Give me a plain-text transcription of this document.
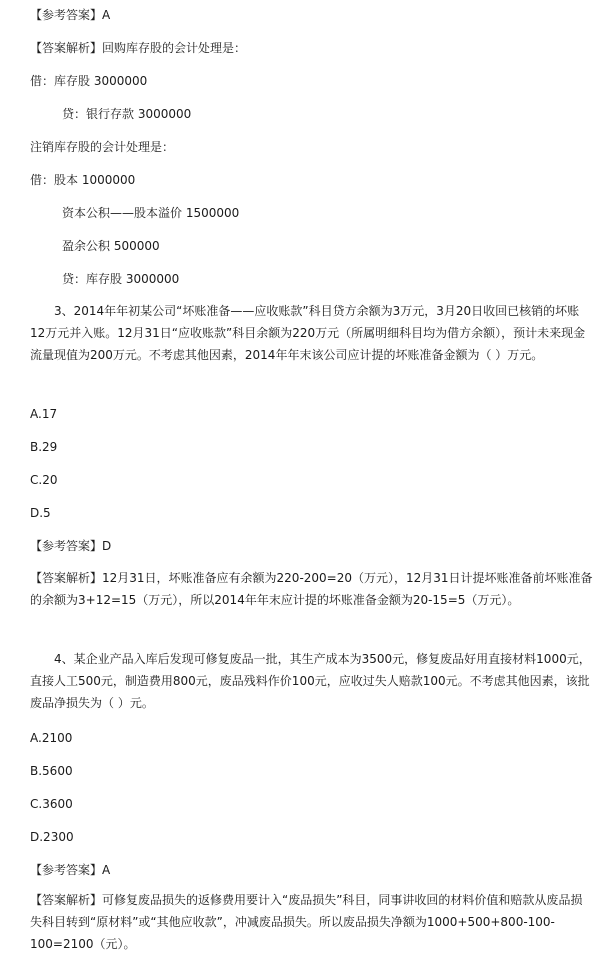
【参考答案】A
【答案解析】回购库存股的会计处理是：
借：库存股 3000000
贷：银行存款 3000000
注销库存股的会计处理是：
借：股本 1000000
资本公积——股本溢价 1500000
盈余公积 500000
贷：库存股 3000000
3、2014年年初某公司“坏账准备——应收账款”科目贷方余额为3万元，3月20日收回已核销的坏账12万元并入账。12月31日“应收账款”科目余额为220万元（所属明细科目均为借方余额），预计未来现金流量现值为200万元。不考虑其他因素，2014年年末该公司应计提的坏账准备金额为（ ）万元。
A.17
B.29
C.20
D.5
【参考答案】D
【答案解析】12月31日，坏账准备应有余额为220-200=20（万元），12月31日计提坏账准备前坏账准备的余额为3+12=15（万元），所以2014年年末应计提的坏账准备金额为20-15=5（万元）。
4、某企业产品入库后发现可修复废品一批，其生产成本为3500元，修复废品好用直接材料1000元，直接人工500元，制造费用800元，废品残料作价100元，应收过失人赔款100元。不考虑其他因素，该批废品净损失为（ ）元。
A.2100
B.5600
C.3600
D.2300
【参考答案】A
【答案解析】可修复废品损失的返修费用要计入“废品损失”科目，同事讲收回的材料价值和赔款从废品损失科目转到“原材料”或“其他应收款”，冲减废品损失。所以废品损失净额为1000+500+800-100-100=2100（元）。
